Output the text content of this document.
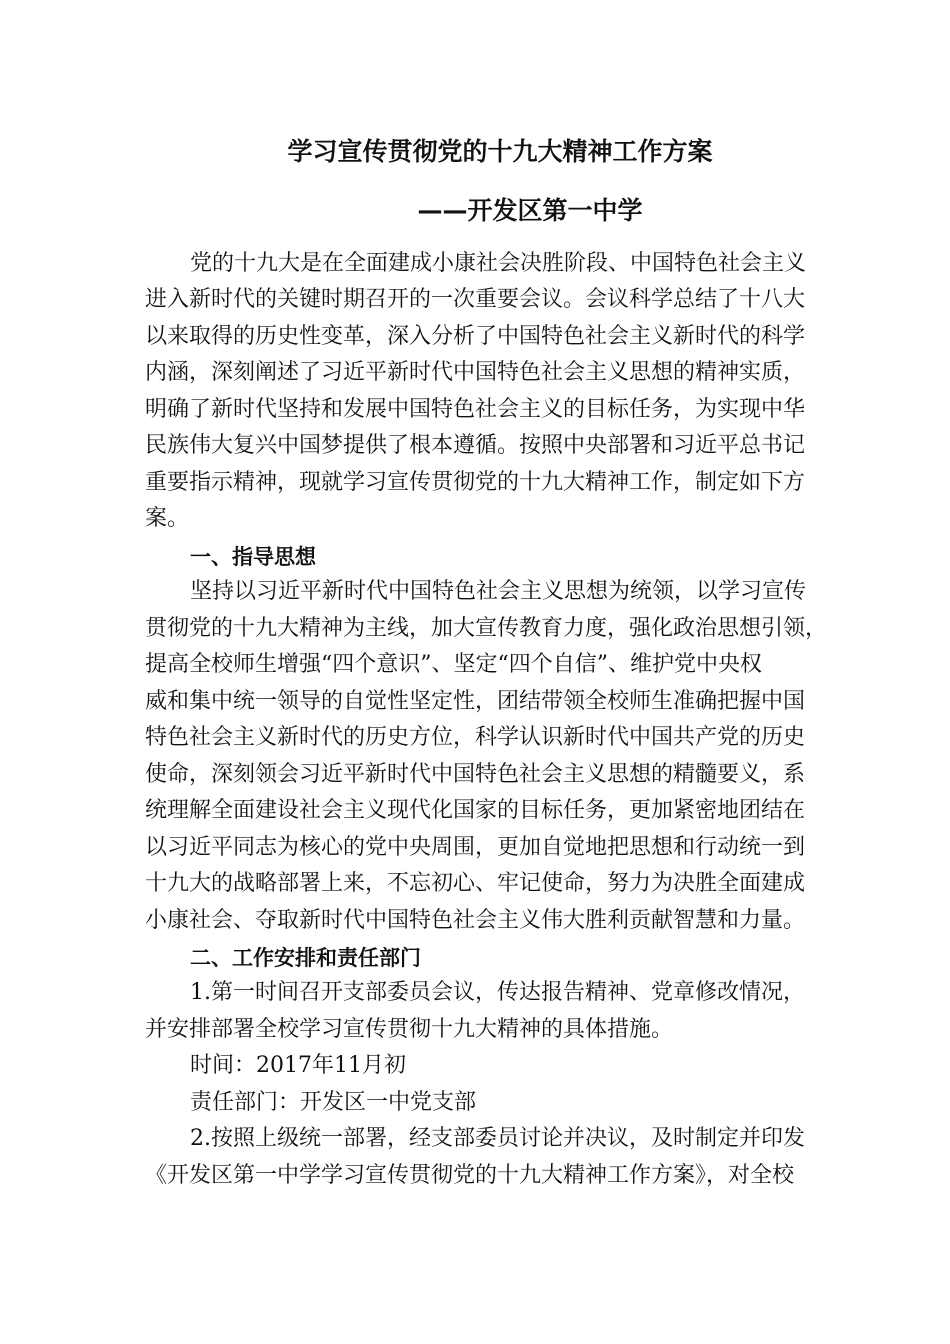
学习宣传贯彻党的十九大精神工作方案
——开发区第一中学
党的十九大是在全面建成小康社会决胜阶段、中国特色社会主义
进入新时代的关键时期召开的一次重要会议。会议科学总结了十八大
以来取得的历史性变革，深入分析了中国特色社会主义新时代的科学
内涵，深刻阐述了习近平新时代中国特色社会主义思想的精神实质，
明确了新时代坚持和发展中国特色社会主义的目标任务，为实现中华
民族伟大复兴中国梦提供了根本遵循。按照中央部署和习近平总书记
重要指示精神，现就学习宣传贯彻党的十九大精神工作，制定如下方
案。
一、指导思想
坚持以习近平新时代中国特色社会主义思想为统领，以学习宣传
贯彻党的十九大精神为主线，加大宣传教育力度，强化政治思想引领，
提高全校师生增强“四个意识”、坚定“四个自信”、维护党中央权
威和集中统一领导的自觉性坚定性，团结带领全校师生准确把握中国
特色社会主义新时代的历史方位，科学认识新时代中国共产党的历史
使命，深刻领会习近平新时代中国特色社会主义思想的精髓要义，系
统理解全面建设社会主义现代化国家的目标任务，更加紧密地团结在
以习近平同志为核心的党中央周围，更加自觉地把思想和行动统一到
十九大的战略部署上来，不忘初心、牢记使命，努力为决胜全面建成
小康社会、夺取新时代中国特色社会主义伟大胜利贡献智慧和力量。
二、工作安排和责任部门
1.第一时间召开支部委员会议，传达报告精神、党章修改情况，
并安排部署全校学习宣传贯彻十九大精神的具体措施。
时间：2017年11月初
责任部门：开发区一中党支部
2.按照上级统一部署，经支部委员讨论并决议，及时制定并印发
《开发区第一中学学习宣传贯彻党的十九大精神工作方案》，对全校
